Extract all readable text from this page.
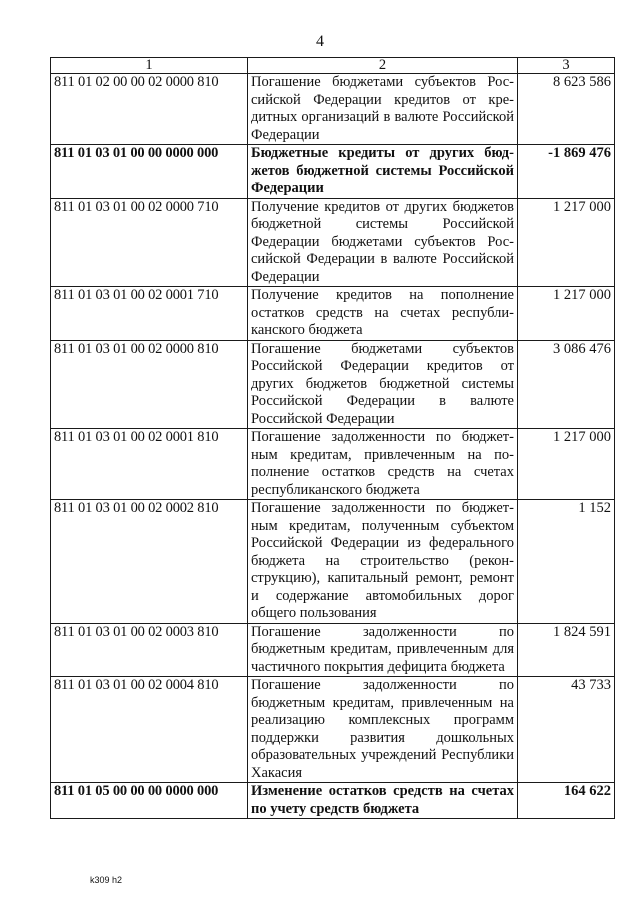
4
1	2	3
811 01 02 00 00 02 0000 810	Погашение бюджетами субъектов Российской Федерации кредитов от кредитных организаций в валюте Российской Федерации	8 623 586
811 01 03 01 00 00 0000 000	Бюджетные кредиты от других бюджетов бюджетной системы Российской Федерации	-1 869 476
811 01 03 01 00 02 0000 710	Получение кредитов от других бюджетов бюджетной системы Российской Федерации бюджетами субъектов Российской Федерации в валюте Российской Федерации	1 217 000
811 01 03 01 00 02 0001 710	Получение кредитов на пополнение остатков средств на счетах республиканского бюджета	1 217 000
811 01 03 01 00 02 0000 810	Погашение бюджетами субъектов Российской Федерации кредитов от других бюджетов бюджетной системы Российской Федерации в валюте Российской Федерации	3 086 476
811 01 03 01 00 02 0001 810	Погашение задолженности по бюджетным кредитам, привлеченным на пополнение остатков средств на счетах республиканского бюджета	1 217 000
811 01 03 01 00 02 0002 810	Погашение задолженности по бюджетным кредитам, полученным субъектом Российской Федерации из федерального бюджета на строительство (реконструкцию), капитальный ремонт, ремонт и содержание автомобильных дорог общего пользования	1 152
811 01 03 01 00 02 0003 810	Погашение задолженности по бюджетным кредитам, привлеченным для частичного покрытия дефицита бюджета	1 824 591
811 01 03 01 00 02 0004 810	Погашение задолженности по бюджетным кредитам, привлеченным на реализацию комплексных программ поддержки развития дошкольных образовательных учреждений Республики Хакасия	43 733
811 01 05 00 00 00 0000 000	Изменение остатков средств на счетах по учету средств бюджета	164 622
k309 h2
